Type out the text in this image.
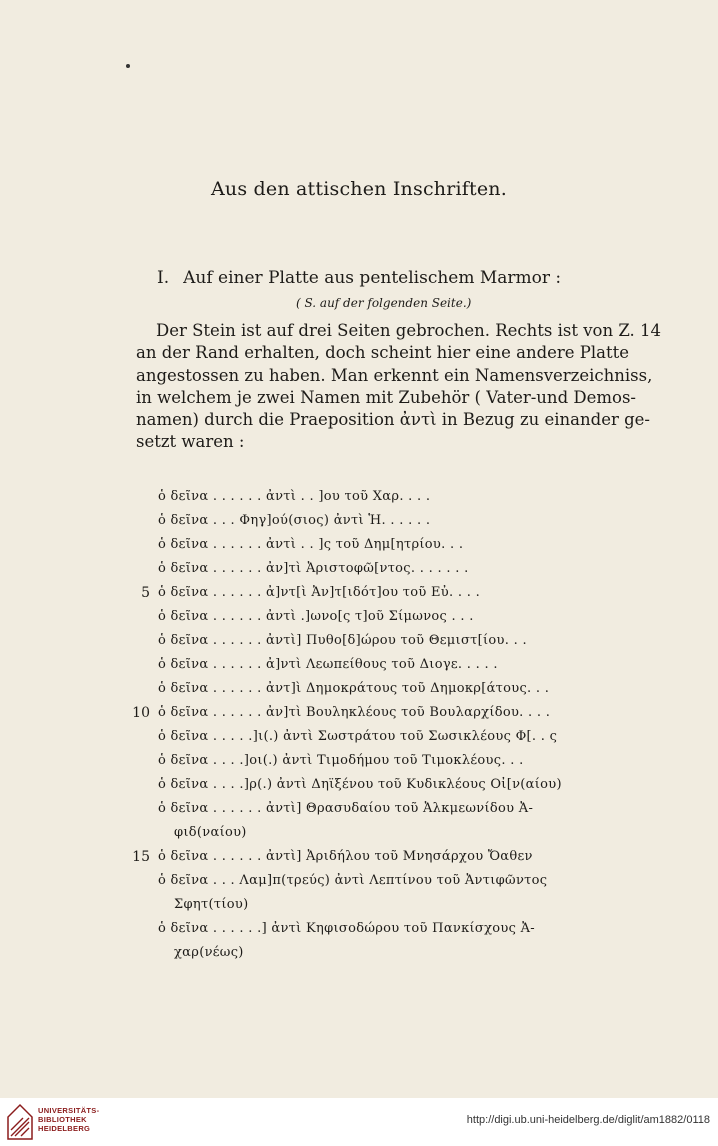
Aus den attischen Inschriften.
I. Auf einer Platte aus pentelischem Marmor :
( S. auf der folgenden Seite.)
Der Stein ist auf drei Seiten gebrochen. Rechts ist von Z. 14
an der Rand erhalten, doch scheint hier eine andere Platte
angestossen zu haben. Man erkennt ein Namensverzeichniss,
in welchem je zwei Namen mit Zubehör ( Vater-und Demos-
namen) durch die Praeposition ἀντὶ in Bezug zu einander ge-
setzt waren :
ὁ δεῖνα . . . . . . ἀντὶ . . ]ου τοῦ Χαρ. . . .
ὁ δεῖνα . . . Φηγ]ού(σιος) ἀντὶ Ἡ. . . . . .
ὁ δεῖνα . . . . . . ἀντὶ . . ]ς τοῦ Δημ[ητρίου. . .
ὁ δεῖνα . . . . . . ἀν]τὶ Ἀριστοφῶ[ντος. . . . . . .
5 ὁ δεῖνα . . . . . . ἀ]ντ[ὶ Ἀν]τ[ιδότ]ου τοῦ Εὐ. . . .
ὁ δεῖνα . . . . . . ἀντὶ .]ωνο[ς τ]οῦ Σίμωνος . . .
ὁ δεῖνα . . . . . . ἀντὶ] Πυθο[δ]ώρου τοῦ Θεμιστ[ίου. . .
ὁ δεῖνα . . . . . . ἀ]ντὶ Λεωπείθους τοῦ Διογε. . . . .
ὁ δεῖνα . . . . . . ἀντ]ὶ Δημοκράτους τοῦ Δημοκρ[άτους. . .
10 ὁ δεῖνα . . . . . . ἀν]τὶ Βουληκλέους τοῦ Βουλαρχίδου. . . .
ὁ δεῖνα . . . . .]ι(.) ἀντὶ Σωστράτου τοῦ Σωσικλέους Φ[. . ς
ὁ δεῖνα . . . .]οι(.) ἀντὶ Τιμοδήμου τοῦ Τιμοκλέους. . .
ὁ δεῖνα . . . .]ρ(.) ἀντὶ Δηϊξένου τοῦ Κυδικλέους Οἰ[ν(αίου)
ὁ δεῖνα . . . . . . ἀντὶ] Θρασυδαίου τοῦ Ἀλκμεωνίδου Ἀ-
φιδ(ναίου)
15 ὁ δεῖνα . . . . . . ἀντὶ] Ἀριδήλου τοῦ Μνησάρχου Ὄαθεν
ὁ δεῖνα . . . Λαμ]π(τρεύς) ἀντὶ Λεπτίνου τοῦ Ἀντιφῶντος
Σφητ(τίου)
ὁ δεῖνα . . . . . .] ἀντὶ Κηφισοδώρου τοῦ Πανκίσχους Ἀ-
χαρ(νέως)
UNIVERSITÄTS-
BIBLIOTHEK
HEIDELBERG
http://digi.ub.uni-heidelberg.de/diglit/am1882/0118
